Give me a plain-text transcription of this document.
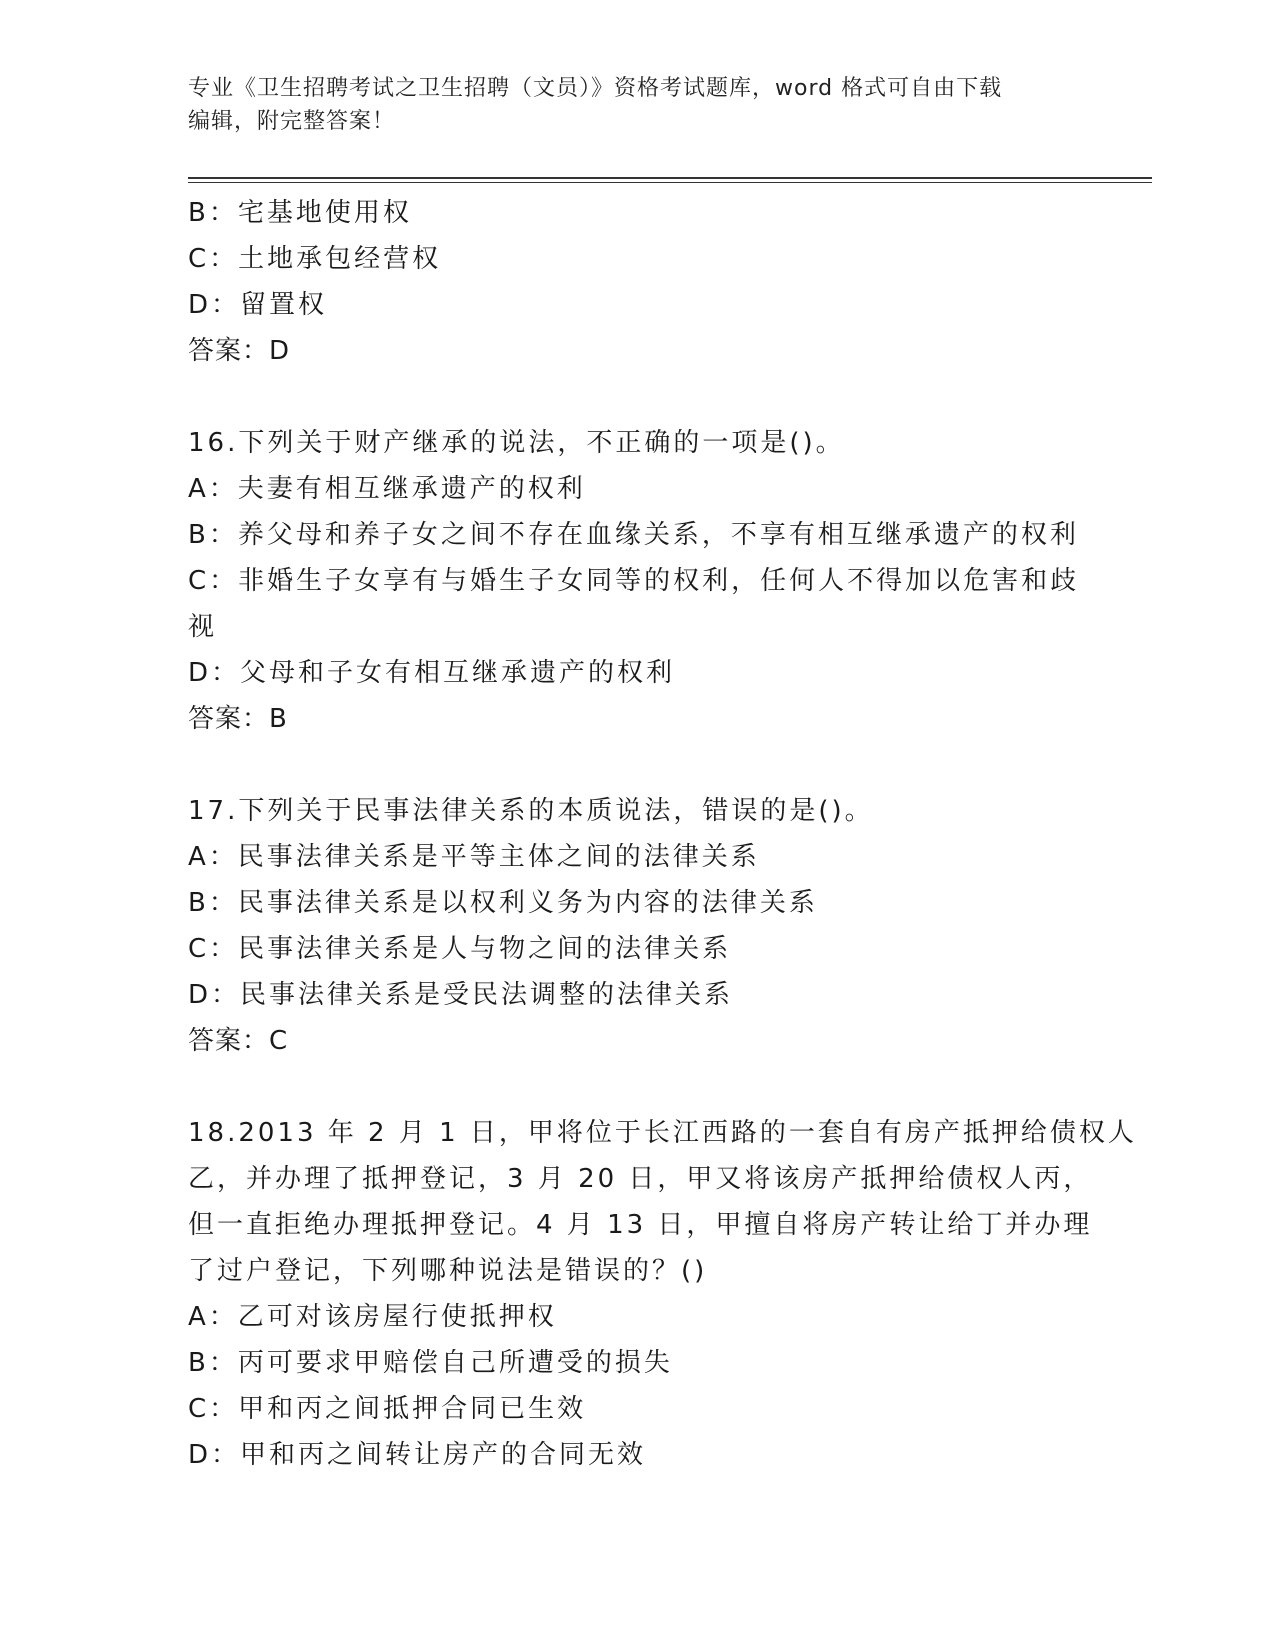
专业《卫生招聘考试之卫生招聘（文员）》资格考试题库，word 格式可自由下载
编辑，附完整答案！
B：宅基地使用权
C：土地承包经营权
D：留置权
答案：D
16.下列关于财产继承的说法，不正确的一项是()。
A：夫妻有相互继承遗产的权利
B：养父母和养子女之间不存在血缘关系，不享有相互继承遗产的权利
C：非婚生子女享有与婚生子女同等的权利，任何人不得加以危害和歧
视
D：父母和子女有相互继承遗产的权利
答案：B
17.下列关于民事法律关系的本质说法，错误的是()。
A：民事法律关系是平等主体之间的法律关系
B：民事法律关系是以权利义务为内容的法律关系
C：民事法律关系是人与物之间的法律关系
D：民事法律关系是受民法调整的法律关系
答案：C
18.2013 年 2 月 1 日，甲将位于长江西路的一套自有房产抵押给债权人
乙，并办理了抵押登记，3 月 20 日，甲又将该房产抵押给债权人丙，
但一直拒绝办理抵押登记。4 月 13 日，甲擅自将房产转让给丁并办理
了过户登记，下列哪种说法是错误的？()
A：乙可对该房屋行使抵押权
B：丙可要求甲赔偿自己所遭受的损失
C：甲和丙之间抵押合同已生效
D：甲和丙之间转让房产的合同无效
